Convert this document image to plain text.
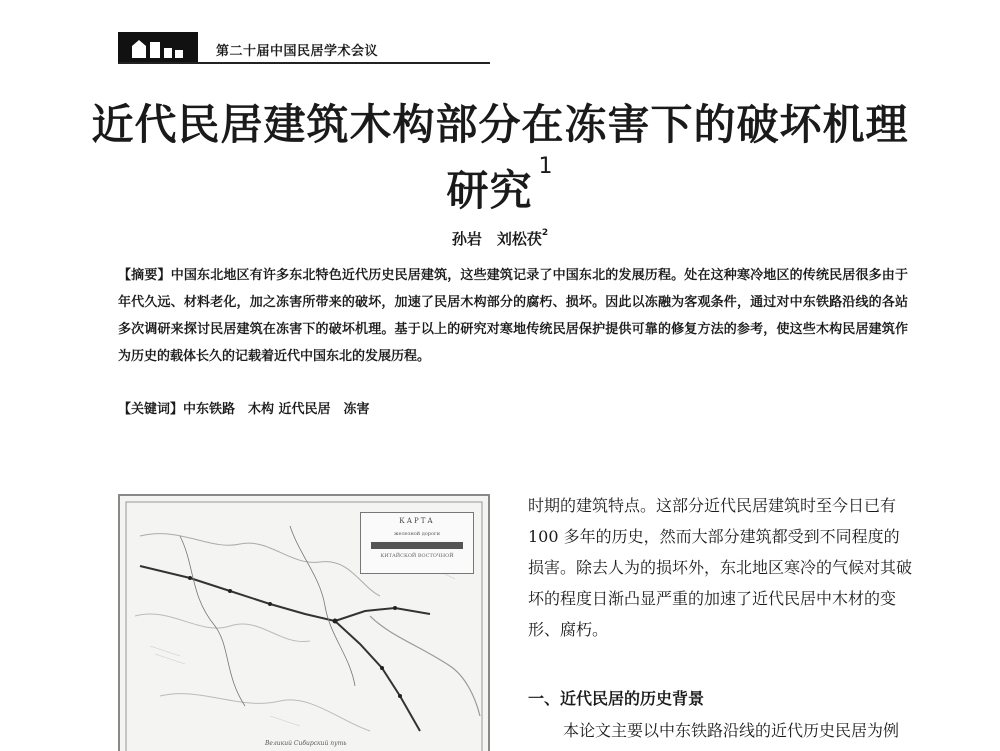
第二十届中国民居学术会议
近代民居建筑木构部分在冻害下的破坏机理
研究 $^1$
孙岩　刘松茯$^2$
【摘要】中国东北地区有许多东北特色近代历史民居建筑，这些建筑记录了中国东北的发展历程。处在这种寒冷地区的传统民居很多由于年代久远、材料老化，加之冻害所带来的破坏，加速了民居木构部分的腐朽、损坏。因此以冻融为客观条件，通过对中东铁路沿线的各站多次调研来探讨民居建筑在冻害下的破坏机理。基于以上的研究对寒地传统民居保护提供可靠的修复方法的参考，使这些木构民居建筑作为历史的载体长久的记载着近代中国东北的发展历程。
【关键词】中东铁路　木构 近代民居　冻害
КАРТА
железной дороги
КИТАЙСКОЙ ВОСТОЧНОЙ
Великий Сибирский путь

时期的建筑特点。这部分近代民居建筑时至今日已有100 多年的历史，然而大部分建筑都受到不同程度的损害。除去人为的损坏外，东北地区寒冷的气候对其破坏的程度日渐凸显严重的加速了近代民居中木材的变形、腐朽。

一、近代民居的历史背景
本论文主要以中东铁路沿线的近代历史民居为例
